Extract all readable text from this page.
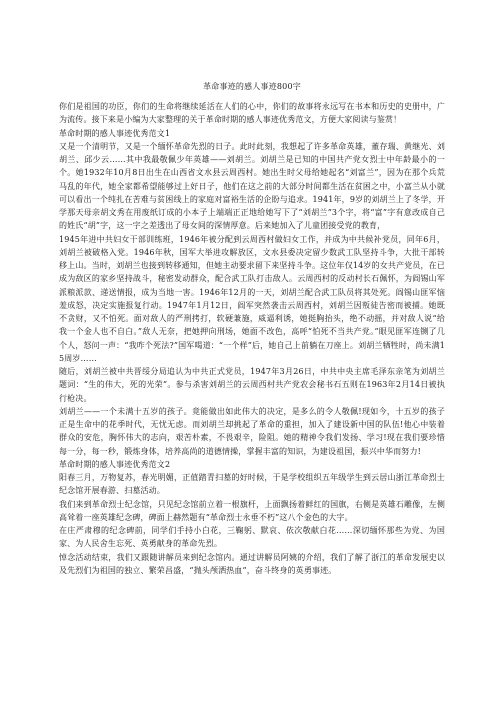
革命事迹的感人事迹800字

你们是祖国的功臣，你们的生命将继续延活在人们的心中，你们的故事将永远写在书本和历史的史册中，广为流传。接下来是小编为大家整理的关于革命时期的感人事迹优秀范文，方便大家阅读与鉴赏！

革命时期的感人事迹优秀范文1

又是一个清明节，又是一个缅怀革命先烈的日子。此时此刻，我想起了许多革命英雄，董存瑞、黄继光、刘胡兰、邱少云……其中我最敬佩少年英雄——刘胡兰。刘胡兰是已知的中国共产党女烈士中年龄最小的一个。她1932年10月8日出生在山西省文水县云周西村。她出生时父母给她起名“刘富兰”，因为在那个兵荒马乱的年代，她全家都希望能够过上好日子，他们在这之前的大部分时间都生活在贫困之中，小富兰从小就可以看出一个纯扎在苦难与贫困线上的家庭对富裕生活的企盼与追求。1941年，9岁的刘胡兰上了冬学，开学那天母亲胡文秀在用废纸订成的小本子上端端正正地给她写下了“刘胡兰”3个字，将“富”字有意改成自己的姓氏“胡”字，这一字之差透出了母女间的深情厚意。后来她加入了儿童团接受党的教育，

1945年进中共妇女干部训练班，1946年被分配到云周西村做妇女工作，并成为中共候补党员，同年6月，刘胡兰被破格入党。1946年秋，国军大举进攻解放区，文水县委决定留少数武工队坚持斗争，大批干部转移上山。当时，刘胡兰也接到转移通知，但她主动要求留下来坚持斗争。这位年仅14岁的女共产党员，在已成为敌区的家乡坚持战斗，秘密发动群众，配合武工队打击敌人。云周西村的反动村长石佩怀，为阎锡山军派粮派款、递送情报，成为当地一害。1946年12月的一天，刘胡兰配合武工队员将其处死。阎锡山匪军恼羞成怒，决定实施报复行动。1947年1月12日，阎军突然袭击云周西村，刘胡兰因叛徒告密而被捕。她既不贪财，又不怕死。面对敌人的严刑拷打，软硬兼施，威逼利诱，她挺胸抬头，绝不动摇，并对敌人说“给我一个金人也不自白。”敌人无奈，把她押向刑场，她面不改色，高呼“怕死不当共产党。”眼见匪军连铡了几个人，怒问一声：“我咋个死法?”国军喝道：“一个样”后，她自己上前躺在刀座上。刘胡兰牺牲时，尚未满15周岁……

随后，刘胡兰被中共晋绥分局追认为中共正式党员，1947年3月26日，中共中央主席毛泽东亲笔为刘胡兰题词：“生的伟大，死的光荣”。参与杀害刘胡兰的云周西村共产党农会秘书石五则在1963年2月14日被执行枪决。

刘胡兰——一个未满十五岁的孩子。竟能做出如此伟大的决定，是多么的令人敬佩!现如今，十五岁的孩子正是生命中的花季时代，无忧无虑。而刘胡兰却挑起了革命的重担，加入了建设新中国的队伍!他心中装着群众的安危，胸怀伟大的志向，艰苦朴素，不畏艰辛，险阻。她的精神令我们发扬、学习!现在我们要珍惜每一分，每一秒，锻炼身体，培养高尚的道德情操，掌握丰富的知识，为建设祖国，振兴中华而努力!

革命时期的感人事迹优秀范文2

阳春三月，万物复苏，春光明媚，正值踏青扫墓的好时候，于是学校组织五年级学生到云居山浙江革命烈士纪念馆开展春游、扫墓活动。

我们来到革命烈士纪念馆，只见纪念馆前立着一根旗杆，上面飘扬着鲜红的国旗，右侧是英雄石雕像，左侧高耸着一座英雄纪念碑，碑面上赫然题有“革命烈士永垂不朽”这八个金色的大字。

在庄严肃穆的纪念碑前，同学们手持小白花，三鞠躬、默哀、依次敬献白花……深切缅怀那些为党、为国家、为人民舍生忘死、英勇献身的革命先烈。

悼念活动结束，我们又跟随讲解员来到纪念馆内。通过讲解员阿姨的介绍，我们了解了浙江的革命发展史以及先烈们为祖国的独立、繁荣昌盛，“抛头颅洒热血”，奋斗终身的英勇事迹。
